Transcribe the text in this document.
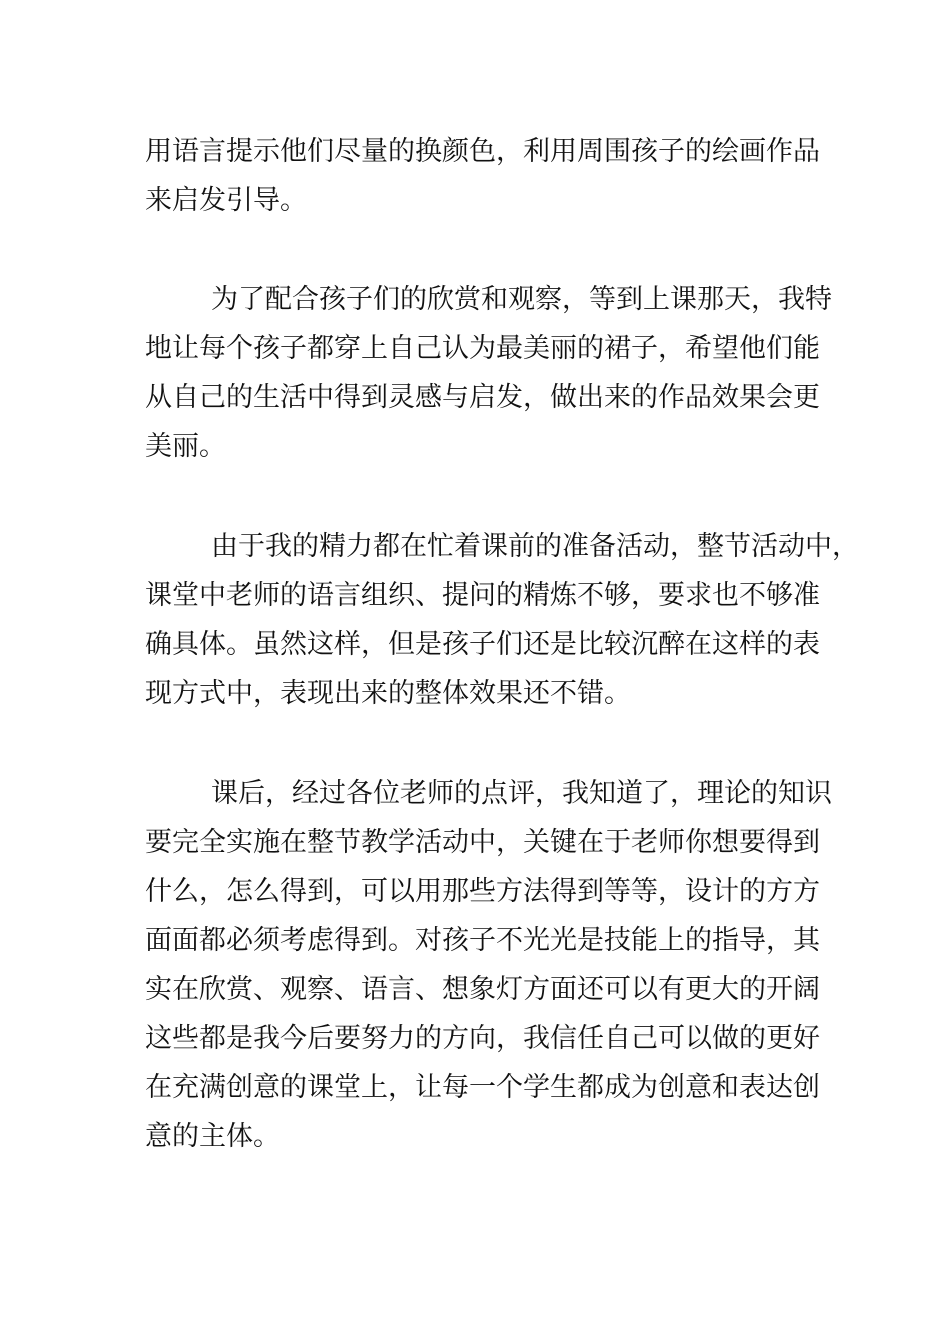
用语言提示他们尽量的换颜色，利用周围孩子的绘画作品
来启发引导。
为了配合孩子们的欣赏和观察，等到上课那天，我特
地让每个孩子都穿上自己认为最美丽的裙子，希望他们能
从自己的生活中得到灵感与启发，做出来的作品效果会更
美丽。
由于我的精力都在忙着课前的准备活动，整节活动中，
课堂中老师的语言组织、提问的精炼不够，要求也不够准
确具体。虽然这样，但是孩子们还是比较沉醉在这样的表
现方式中，表现出来的整体效果还不错。
课后，经过各位老师的点评，我知道了，理论的知识
要完全实施在整节教学活动中，关键在于老师你想要得到
什么，怎么得到，可以用那些方法得到等等，设计的方方
面面都必须考虑得到。对孩子不光光是技能上的指导，其
实在欣赏、观察、语言、想象灯方面还可以有更大的开阔
这些都是我今后要努力的方向，我信任自己可以做的更好
在充满创意的课堂上，让每一个学生都成为创意和表达创
意的主体。
